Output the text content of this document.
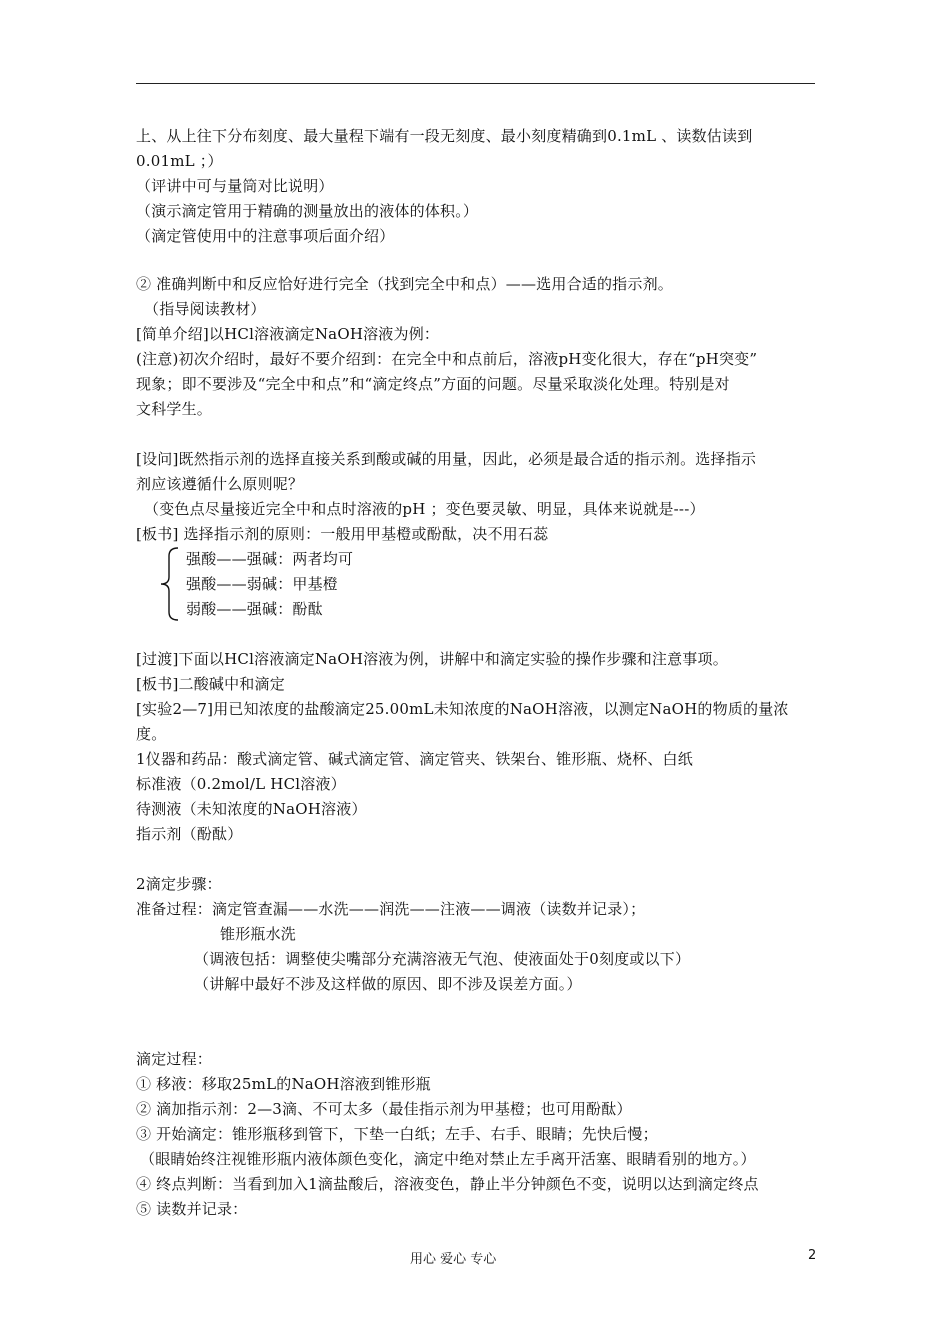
上、从上往下分布刻度、最大量程下端有一段无刻度、最小刻度精确到0.1mL 、读数估读到
0.01mL ；）
（评讲中可与量筒对比说明）
（演示滴定管用于精确的测量放出的液体的体积。）
（滴定管使用中的注意事项后面介绍）
② 准确判断中和反应恰好进行完全（找到完全中和点）——选用合适的指示剂。
（指导阅读教材）
[简单介绍]以HCl溶液滴定NaOH溶液为例：
(注意)初次介绍时，最好不要介绍到：在完全中和点前后，溶液pH变化很大，存在“pH突变”
现象；即不要涉及“完全中和点”和“滴定终点”方面的问题。尽量采取淡化处理。特别是对
文科学生。
[设问]既然指示剂的选择直接关系到酸或碱的用量，因此，必须是最合适的指示剂。选择指示
剂应该遵循什么原则呢？
（变色点尽量接近完全中和点时溶液的pH ；变色要灵敏、明显，具体来说就是---）
[板书] 选择指示剂的原则：一般用甲基橙或酚酞，决不用石蕊
强酸——强碱：两者均可
强酸——弱碱：甲基橙
弱酸——强碱：酚酞
[过渡]下面以HCl溶液滴定NaOH溶液为例，讲解中和滴定实验的操作步骤和注意事项。
[板书]二酸碱中和滴定
[实验2—7]用已知浓度的盐酸滴定25.00mL未知浓度的NaOH溶液，以测定NaOH的物质的量浓
度。
1仪器和药品：酸式滴定管、碱式滴定管、滴定管夹、铁架台、锥形瓶、烧杯、白纸
标准液（0.2mol/L HCl溶液）
待测液（未知浓度的NaOH溶液）
指示剂（酚酞）
2滴定步骤：
准备过程：滴定管查漏——水洗——润洗——注液——调液（读数并记录）；
锥形瓶水洗
（调液包括：调整使尖嘴部分充满溶液无气泡、使液面处于0刻度或以下）
（讲解中最好不涉及这样做的原因、即不涉及误差方面。）
滴定过程：
① 移液：移取25mL的NaOH溶液到锥形瓶
② 滴加指示剂：2—3滴、不可太多（最佳指示剂为甲基橙；也可用酚酞）
③ 开始滴定：锥形瓶移到管下，下垫一白纸；左手、右手、眼睛；先快后慢；
（眼睛始终注视锥形瓶内液体颜色变化，滴定中绝对禁止左手离开活塞、眼睛看别的地方。）
④ 终点判断：当看到加入1滴盐酸后，溶液变色，静止半分钟颜色不变，说明以达到滴定终点
⑤ 读数并记录：
用心 爱心 专心	2
